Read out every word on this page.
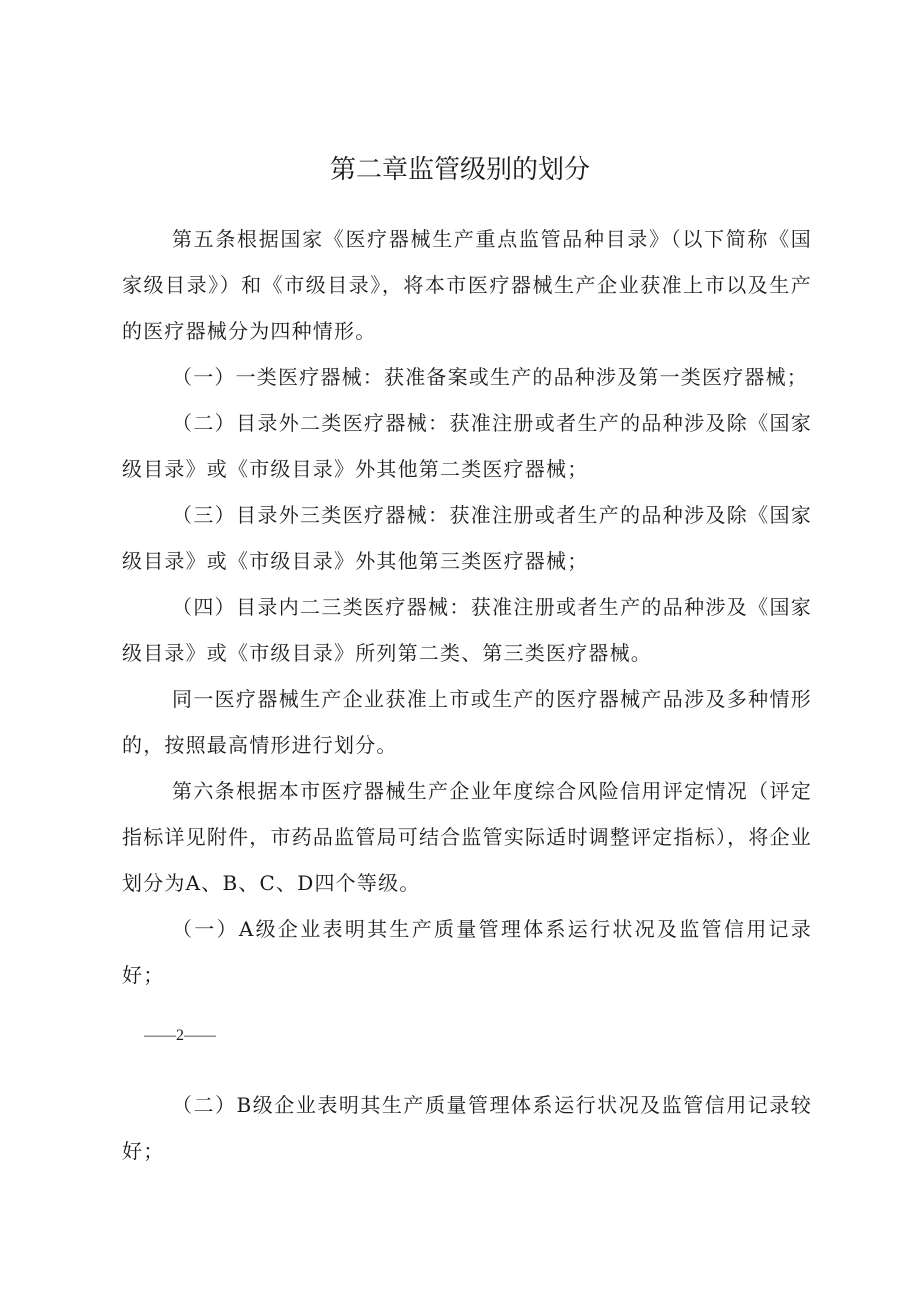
第二章监管级别的划分

第五条根据国家《医疗器械生产重点监管品种目录》（以下简称《国家级目录》）和《市级目录》，将本市医疗器械生产企业获准上市以及生产的医疗器械分为四种情形。

（一）一类医疗器械：获准备案或生产的品种涉及第一类医疗器械；

（二）目录外二类医疗器械：获准注册或者生产的品种涉及除《国家级目录》或《市级目录》外其他第二类医疗器械；

（三）目录外三类医疗器械：获准注册或者生产的品种涉及除《国家级目录》或《市级目录》外其他第三类医疗器械；

（四）目录内二三类医疗器械：获准注册或者生产的品种涉及《国家级目录》或《市级目录》所列第二类、第三类医疗器械。

同一医疗器械生产企业获准上市或生产的医疗器械产品涉及多种情形的，按照最高情形进行划分。

第六条根据本市医疗器械生产企业年度综合风险信用评定情况（评定指标详见附件，市药品监管局可结合监管实际适时调整评定指标），将企业划分为A、B、C、D四个等级。

（一）A级企业表明其生产质量管理体系运行状况及监管信用记录好；

——2——

（二）B级企业表明其生产质量管理体系运行状况及监管信用记录较好；
